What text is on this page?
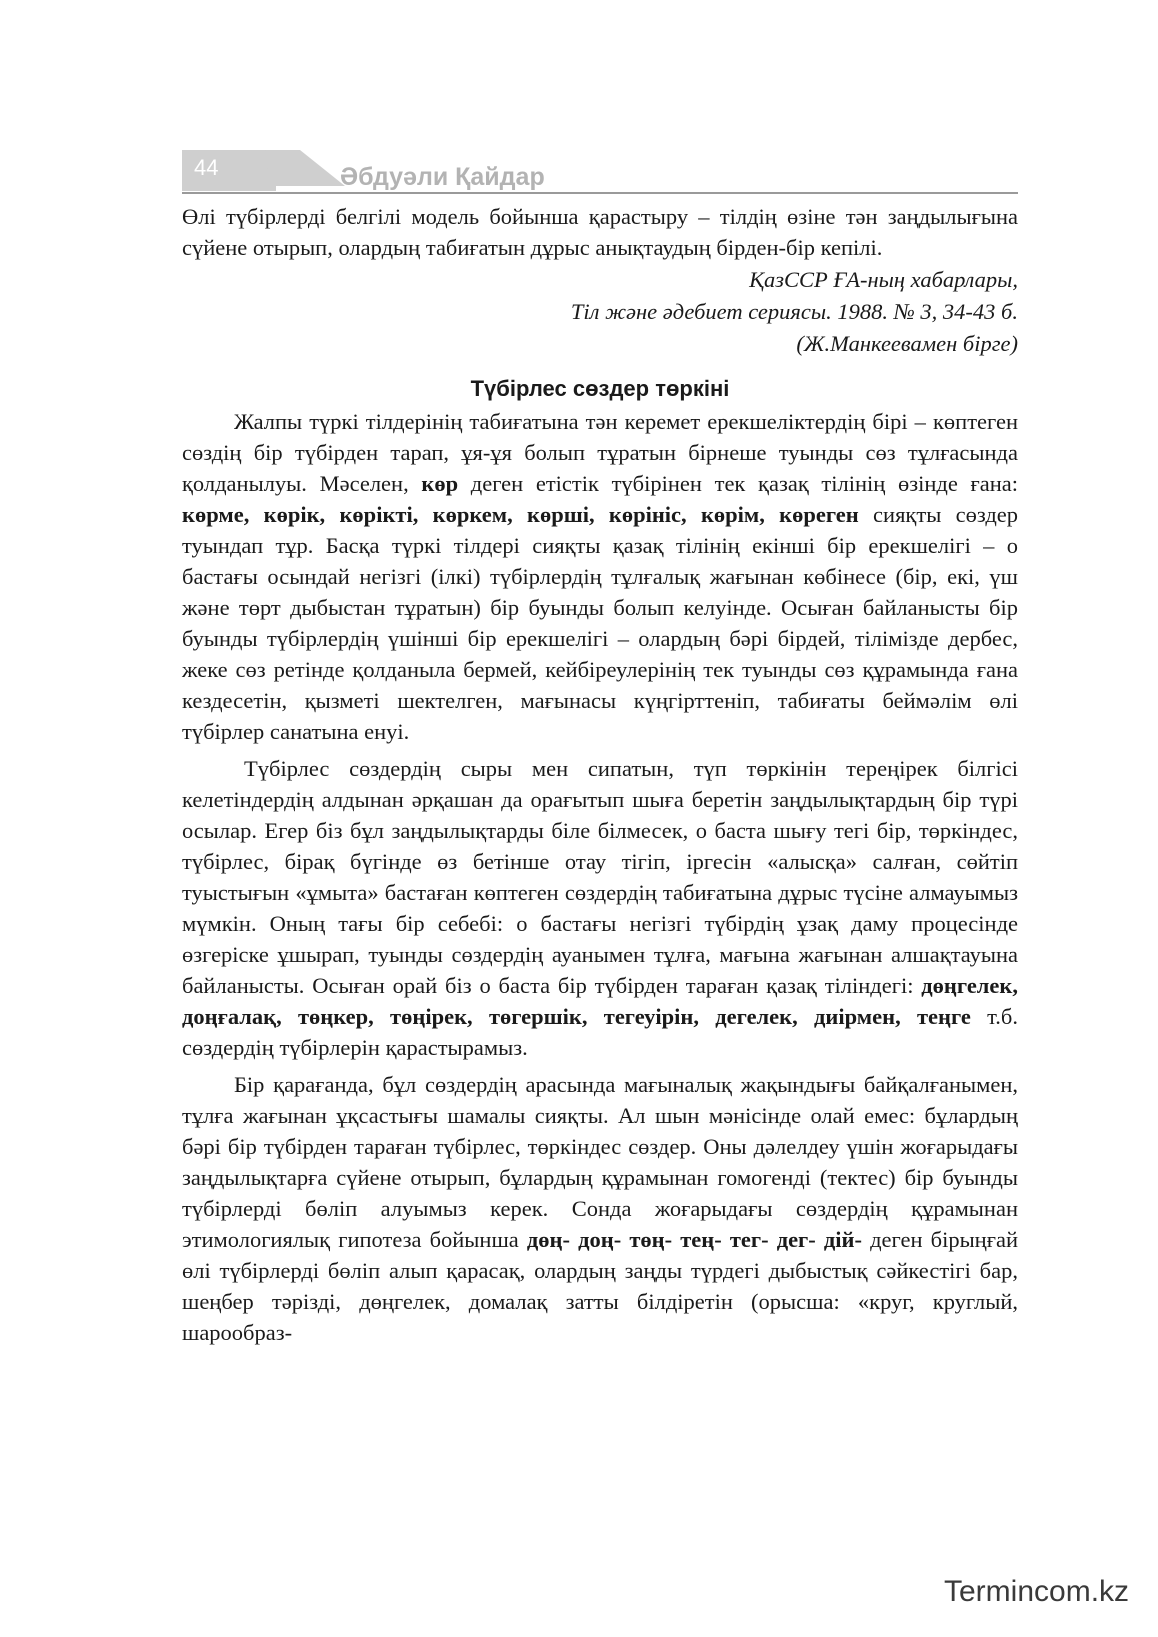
44	Әбдуәли Қайдар

Өлі түбірлерді белгілі модель бойынша қарастыру – тілдің өзіне тән заңдылығына сүйене отырып, олардың табиғатын дұрыс анықтаудың бірден-бір кепілі.

ҚазССР ҒА-ның хабарлары,
Тіл және әдебиет сериясы. 1988. № 3, 34-43 б.
(Ж.Манкеевамен бірге)

Түбірлес сөздер төркіні

Жалпы түркі тілдерінің табиғатына тән керемет ерекшеліктердің бірі – көптеген сөздің бір түбірден тарап, ұя-ұя болып тұратын бірнеше туынды сөз тұлғасында қолданылуы. Мәселен, көр деген етістік түбірінен тек қазақ тілінің өзінде ғана: көрме, көрік, көрікті, көркем, көрші, көрініс, көрім, көреген сияқты сөздер туындап тұр. Басқа түркі тілдері сияқты қазақ тілінің екінші бір ерекшелігі – о бастағы осындай негізгі (ілкі) түбірлердің тұлғалық жағынан көбінесе (бір, екі, үш және төрт дыбыстан тұратын) бір буынды болып келуінде. Осыған байланысты бір буынды түбірлердің үшінші бір ерекшелігі – олардың бәрі бірдей, тілімізде дербес, жеке сөз ретінде қолданыла бермей, кейбіреулерінің тек туынды сөз құрамында ғана кездесетін, қызметі шектелген, мағынасы күңгірттеніп, табиғаты беймәлім өлі түбірлер санатына енуі.

Түбірлес сөздердің сыры мен сипатын, түп төркінін тереңірек білгісі келетіндердің алдынан әрқашан да орағытып шыға беретін заңдылықтардың бір түрі осылар. Егер біз бұл заңдылықтарды біле білмесек, о баста шығу тегі бір, төркіндес, түбірлес, бірақ бүгінде өз бетінше отау тігіп, іргесін «алысқа» салған, сөйтіп туыстығын «ұмыта» бастаған көптеген сөздердің табиғатына дұрыс түсіне алмауымыз мүмкін. Оның тағы бір себебі: о бастағы негізгі түбірдің ұзақ даму процесінде өзгеріске ұшырап, туынды сөздердің ауанымен тұлға, мағына жағынан алшақтауына байланысты. Осыған орай біз о баста бір түбірден тараған қазақ тіліндегі: дөңгелек, доңғалақ, төңкер, төңірек, төгершік, тегеуірін, дегелек, диірмен, теңге т.б. сөздердің түбірлерін қарастырамыз.

Бір қарағанда, бұл сөздердің арасында мағыналық жақындығы байқалғанымен, тұлға жағынан ұқсастығы шамалы сияқты. Ал шын мәнісінде олай емес: бұлардың бәрі бір түбірден тараған түбірлес, төркіндес сөздер. Оны дәлелдеу үшін жоғарыдағы заңдылықтарға сүйене отырып, бұлардың құрамынан гомогенді (тектес) бір буынды түбірлерді бөліп алуымыз керек. Сонда жоғарыдағы сөздердің құрамынан этимологиялық гипотеза бойынша дөң- доң- төң- тең- тег- дег- дій- деген бірыңғай өлі түбірлерді бөліп алып қарасақ, олардың заңды түрдегі дыбыстық сәйкестігі бар, шеңбер тәрізді, дөңгелек, домалақ затты білдіретін (орысша: «круг, круглый, шарообраз-

Termincom.kz
